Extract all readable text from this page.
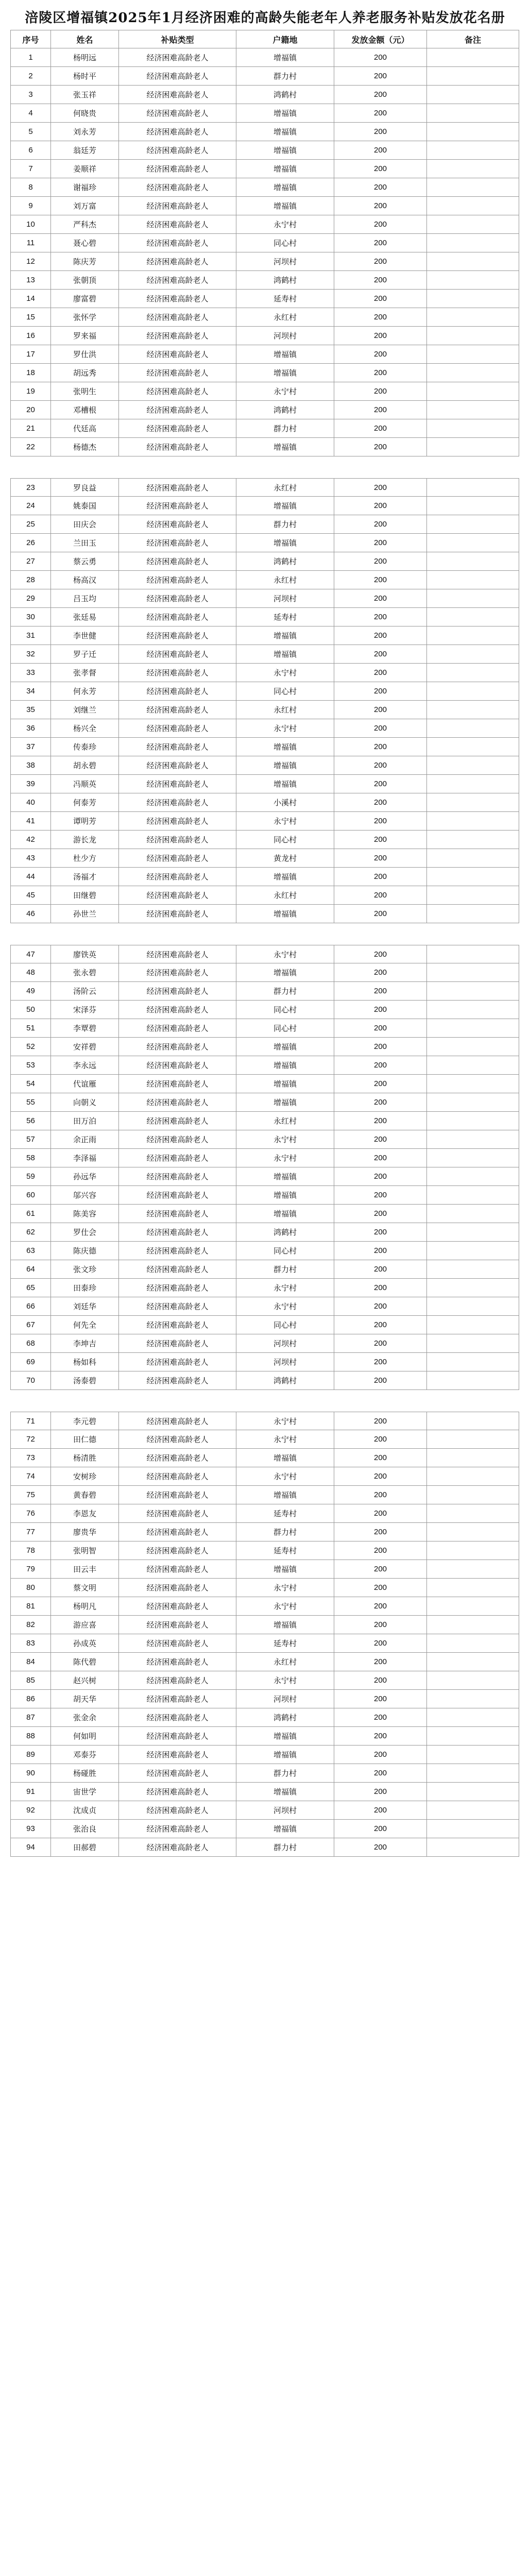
涪陵区增福镇2025年1月经济困难的高龄失能老年人养老服务补贴发放花名册
序号	姓名	补贴类型	户籍地	发放金额（元）	备注
1	杨明远	经济困难高龄老人	增福镇	200
2	杨时平	经济困难高龄老人	群力村	200
3	张玉祥	经济困难高龄老人	鸿鹤村	200
4	何晓贵	经济困难高龄老人	增福镇	200
5	刘永芳	经济困难高龄老人	增福镇	200
6	翁廷芳	经济困难高龄老人	增福镇	200
7	姜顺祥	经济困难高龄老人	增福镇	200
8	谢福珍	经济困难高龄老人	增福镇	200
9	刘万富	经济困难高龄老人	增福镇	200
10	严科杰	经济困难高龄老人	永宁村	200
11	聂心碧	经济困难高龄老人	同心村	200
12	陈庆芳	经济困难高龄老人	河坝村	200
13	张朝顶	经济困难高龄老人	鸿鹤村	200
14	廖富碧	经济困难高龄老人	延寿村	200
15	张怀学	经济困难高龄老人	永红村	200
16	罗来福	经济困难高龄老人	河坝村	200
17	罗仕洪	经济困难高龄老人	增福镇	200
18	胡远秀	经济困难高龄老人	增福镇	200
19	张明生	经济困难高龄老人	永宁村	200
20	邓槽根	经济困难高龄老人	鸿鹤村	200
21	代廷高	经济困难高龄老人	群力村	200
22	杨德杰	经济困难高龄老人	增福镇	200
23	罗良益	经济困难高龄老人	永红村	200
24	姚泰国	经济困难高龄老人	增福镇	200
25	田庆会	经济困难高龄老人	群力村	200
26	兰田玉	经济困难高龄老人	增福镇	200
27	蔡云勇	经济困难高龄老人	鸿鹤村	200
28	杨高汉	经济困难高龄老人	永红村	200
29	吕玉均	经济困难高龄老人	河坝村	200
30	张廷易	经济困难高龄老人	延寿村	200
31	李世健	经济困难高龄老人	增福镇	200
32	罗子迁	经济困难高龄老人	增福镇	200
33	张孝督	经济困难高龄老人	永宁村	200
34	何永芳	经济困难高龄老人	同心村	200
35	刘继兰	经济困难高龄老人	永红村	200
36	杨兴全	经济困难高龄老人	永宁村	200
37	传泰珍	经济困难高龄老人	增福镇	200
38	胡永碧	经济困难高龄老人	增福镇	200
39	冯顺英	经济困难高龄老人	增福镇	200
40	何泰芳	经济困难高龄老人	小溪村	200
41	谭明芳	经济困难高龄老人	永宁村	200
42	游长龙	经济困难高龄老人	同心村	200
43	杜少方	经济困难高龄老人	黄龙村	200
44	汤福才	经济困难高龄老人	增福镇	200
45	田继碧	经济困难高龄老人	永红村	200
46	孙世兰	经济困难高龄老人	增福镇	200
47	廖铁英	经济困难高龄老人	永宁村	200
48	张永碧	经济困难高龄老人	增福镇	200
49	汤阶云	经济困难高龄老人	群力村	200
50	宋泽芬	经济困难高龄老人	同心村	200
51	李覃碧	经济困难高龄老人	同心村	200
52	安祥碧	经济困难高龄老人	增福镇	200
53	李永远	经济困难高龄老人	增福镇	200
54	代谊雁	经济困难高龄老人	增福镇	200
55	向朝义	经济困难高龄老人	增福镇	200
56	田万泊	经济困难高龄老人	永红村	200
57	余正雨	经济困难高龄老人	永宁村	200
58	李泽福	经济困难高龄老人	永宁村	200
59	孙远华	经济困难高龄老人	增福镇	200
60	邬兴容	经济困难高龄老人	增福镇	200
61	陈美容	经济困难高龄老人	增福镇	200
62	罗仕会	经济困难高龄老人	鸿鹤村	200
63	陈庆德	经济困难高龄老人	同心村	200
64	张文珍	经济困难高龄老人	群力村	200
65	田泰珍	经济困难高龄老人	永宁村	200
66	刘廷华	经济困难高龄老人	永宁村	200
67	何先全	经济困难高龄老人	同心村	200
68	李坤吉	经济困难高龄老人	河坝村	200
69	杨如科	经济困难高龄老人	河坝村	200
70	汤泰碧	经济困难高龄老人	鸿鹤村	200
71	李元碧	经济困难高龄老人	永宁村	200
72	田仁德	经济困难高龄老人	永宁村	200
73	杨清胜	经济困难高龄老人	增福镇	200
74	安树珍	经济困难高龄老人	永宁村	200
75	黄春碧	经济困难高龄老人	增福镇	200
76	李恩友	经济困难高龄老人	延寿村	200
77	廖贵华	经济困难高龄老人	群力村	200
78	张明智	经济困难高龄老人	延寿村	200
79	田云丰	经济困难高龄老人	增福镇	200
80	蔡文明	经济困难高龄老人	永宁村	200
81	杨明凡	经济困难高龄老人	永宁村	200
82	游应喜	经济困难高龄老人	增福镇	200
83	孙成英	经济困难高龄老人	延寿村	200
84	陈代碧	经济困难高龄老人	永红村	200
85	赵兴树	经济困难高龄老人	永宁村	200
86	胡天华	经济困难高龄老人	河坝村	200
87	张金余	经济困难高龄老人	鸿鹤村	200
88	何如明	经济困难高龄老人	增福镇	200
89	邓泰芬	经济困难高龄老人	增福镇	200
90	杨碰胜	经济困难高龄老人	群力村	200
91	宙世学	经济困难高龄老人	增福镇	200
92	沈成贞	经济困难高龄老人	河坝村	200
93	张治良	经济困难高龄老人	增福镇	200
94	田郝碧	经济困难高龄老人	群力村	200
